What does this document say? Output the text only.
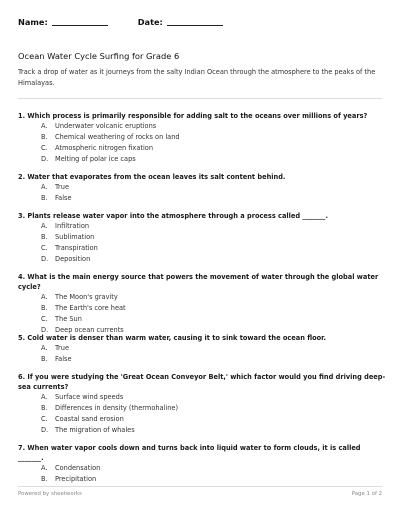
Name:	Date:
Ocean Water Cycle Surfing for Grade 6
Track a drop of water as it journeys from the salty Indian Ocean through the atmosphere to the peaks of the Himalayas.
1. Which process is primarily responsible for adding salt to the oceans over millions of years?
A. Underwater volcanic eruptions
B. Chemical weathering of rocks on land
C. Atmospheric nitrogen fixation
D. Melting of polar ice caps
2. Water that evaporates from the ocean leaves its salt content behind.
A. True
B. False
3. Plants release water vapor into the atmosphere through a process called _______.
A. Infiltration
B. Sublimation
C. Transpiration
D. Deposition
4. What is the main energy source that powers the movement of water through the global water cycle?
A. The Moon's gravity
B. The Earth's core heat
C. The Sun
D. Deep ocean currents
5. Cold water is denser than warm water, causing it to sink toward the ocean floor.
A. True
B. False
6. If you were studying the 'Great Ocean Conveyor Belt,' which factor would you find driving deep-sea currents?
A. Surface wind speeds
B. Differences in density (thermohaline)
C. Coastal sand erosion
D. The migration of whales
7. When water vapor cools down and turns back into liquid water to form clouds, it is called _______.
A. Condensation
B. Precipitation
Powered by sheetworks	Page 1 of 2
